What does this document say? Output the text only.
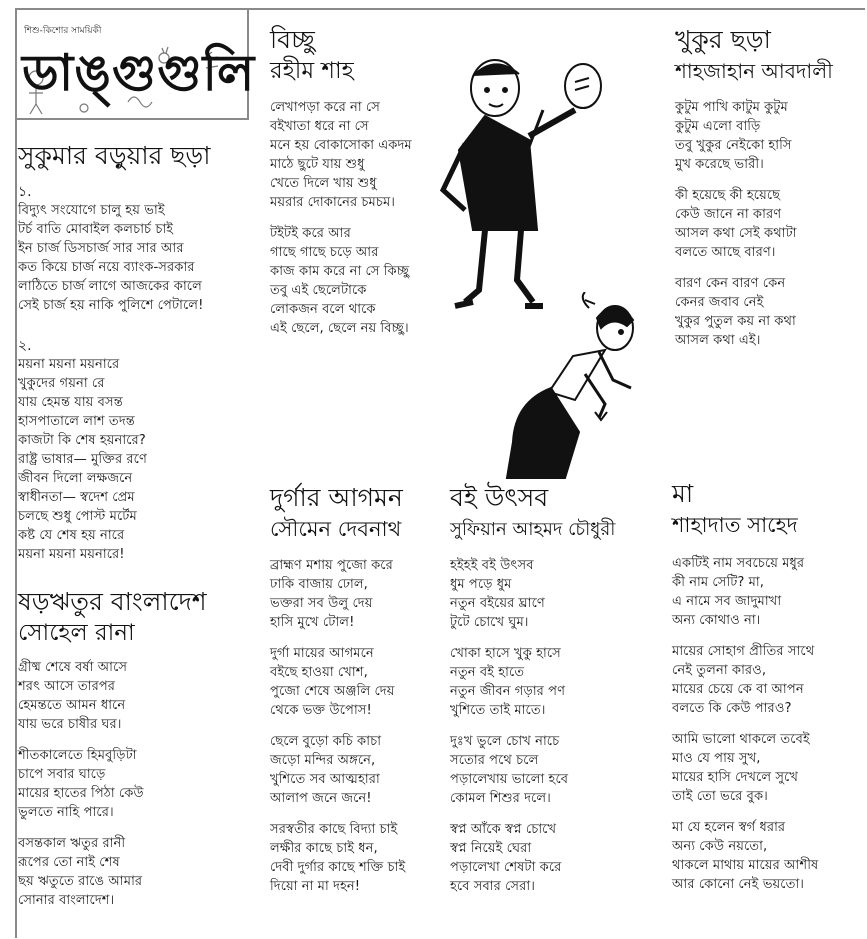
শিশু-কিশোর সাময়িকী
ডাঙ্গুগুলি
সুকুমার বড়ুয়ার ছড়া
১.
বিদ্যুৎ সংযোগে চালু হয় ভাই
টর্চ বাতি মোবাইল কলচার্চ চাই
ইন চার্জ ডিসচার্জ সার সার আর
কত কিয়ে চার্জ নয়ে ব্যাংক-সরকার
লাঠিতে চার্জ লাগে আজকের কালে
সেই চার্জ হয় নাকি পুলিশে পেটালে!
২.
ময়না ময়না ময়নারে
খুকুদের গয়না রে
যায় হেমন্ত যায় বসন্ত
হাসপাতালে লাশ তদন্ত
কাজটা কি শেষ হয়নারে?
রাষ্ট্র ভাষার— মুক্তির রণে
জীবন দিলো লক্ষজনে
স্বাধীনতা— স্বদেশ প্রেম
চলছে শুধু পোস্ট মর্টেম
কষ্ট যে শেষ হয় নারে
ময়না ময়না ময়নারে!
ষড়ঋতুর বাংলাদেশ
সোহেল রানা
গ্রীষ্ম শেষে বর্ষা আসে
শরৎ আসে তারপর
হেমন্ততে আমন ধানে
যায় ভরে চাষীর ঘর।
শীতকালেতে হিমবুড়িটা
চাপে সবার ঘাড়ে
মায়ের হাতের পিঠা কেউ
ভুলতে নাহি পারে।
বসন্তকাল ঋতুর রানী
রূপের তো নাই শেষ
ছয় ঋতুতে রাঙে আমার
সোনার বাংলাদেশ।
বিচ্ছু
রহীম শাহ
লেখাপড়া করে না সে
বইখাতা ধরে না সে
মনে হয় বোকাসোকা একদম
মাঠে ছুটে যায় শুধু
খেতে দিলে খায় শুধু
ময়রার দোকানের চমচম।
টইটই করে আর
গাছে গাছে চড়ে আর
কাজ কাম করে না সে কিচ্ছু
তবু এই ছেলেটাকে
লোকজন বলে থাকে
এই ছেলে, ছেলে নয় বিচ্ছু।
খুকুর ছড়া
শাহজাহান আবদালী
কুটুম পাখি কাটুম কুটুম
কুটুম এলো বাড়ি
তবু খুকুর নেইকো হাসি
মুখ করেছে ভারী।
কী হয়েছে কী হয়েছে
কেউ জানে না কারণ
আসল কথা সেই কথাটা
বলতে আছে বারণ।
বারণ কেন বারণ কেন
কেনর জবাব নেই
খুকুর পুতুল কয় না কথা
আসল কথা এই।
দুর্গার আগমন
সৌমেন দেবনাথ
ব্রাহ্মণ মশায় পুজো করে
ঢাকি বাজায় ঢোল,
ভক্তরা সব উলু দেয়
হাসি মুখে টোল!
দুর্গা মায়ের আগমনে
বইছে হাওয়া খোশ,
পুজো শেষে অঞ্জলি দেয়
থেকে ভক্ত উপোস!
ছেলে বুড়ো কচি কাচা
জড়ো মন্দির অঙ্গনে,
খুশিতে সব আত্মহারা
আলাপ জনে জনে!
সরস্বতীর কাছে বিদ্যা চাই
লক্ষীর কাছে চাই ধন,
দেবী দুর্গার কাছে শক্তি চাই
দিয়ো না মা দহন!
বই উৎসব
সুফিয়ান আহমদ চৌধুরী
হইহই বই উৎসব
ধুম পড়ে ধুম
নতুন বইয়ের ঘ্রাণে
টুটে চোখে ঘুম।
খোকা হাসে খুকু হাসে
নতুন বই হাতে
নতুন জীবন গড়ার পণ
খুশিতে তাই মাতে।
দুঃখ ভুলে চোখ নাচে
সতোর পথে চলে
পড়ালেখায় ভালো হবে
কোমল শিশুর দলে।
স্বপ্ন আঁকে স্বপ্ন চোখে
স্বপ্ন নিয়েই ঘেরা
পড়ালেখা শেষটা করে
হবে সবার সেরা।
মা
শাহাদাত সাহেদ
একটিই নাম সবচেয়ে মধুর
কী নাম সেটি? মা,
এ নামে সব জাদুমাখা
অন্য কোথাও না।
মায়ের সোহাগ প্রীতির সাথে
নেই তুলনা কারও,
মায়ের চেয়ে কে বা আপন
বলতে কি কেউ পারও?
আমি ভালো থাকলে তবেই
মাও যে পায় সুখ,
মায়ের হাসি দেখলে সুখে
তাই তো ভরে বুক।
মা যে হলেন স্বর্গ ধরার
অন্য কেউ নয়তো,
থাকলে মাথায় মায়ের আশীষ
আর কোনো নেই ভয়তো।
